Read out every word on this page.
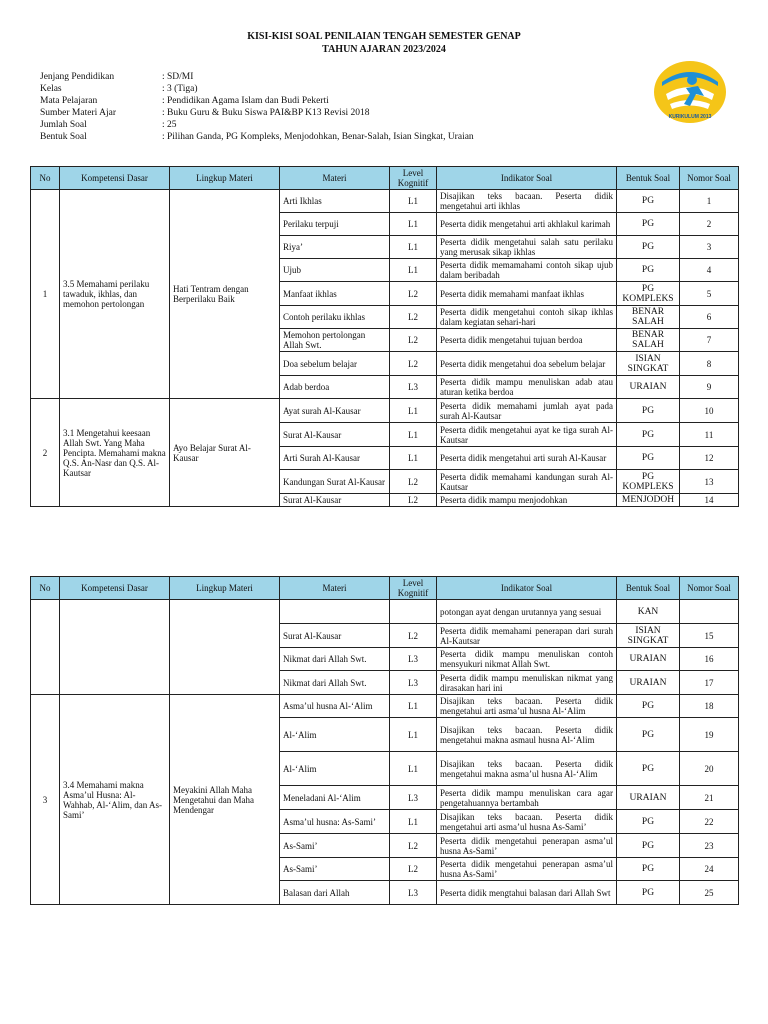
KISI-KISI SOAL PENILAIAN TENGAH SEMESTER GENAP
TAHUN AJARAN 2023/2024
Jenjang Pendidikan	: SD/MI
Kelas	: 3 (Tiga)
Mata Pelajaran	: Pendidikan Agama Islam dan Budi Pekerti
Sumber Materi Ajar	: Buku Guru & Buku Siswa PAI&BP K13 Revisi 2018
Jumlah Soal	: 25
Bentuk Soal	: Pilihan Ganda, PG Kompleks, Menjodohkan, Benar-Salah, Isian Singkat, Uraian
KURIKULUM 2013
No	Kompetensi Dasar	Lingkup Materi	Materi	Level Kognitif	Indikator Soal	Bentuk Soal	Nomor Soal
1	3.5 Memahami perilaku tawaduk, ikhlas, dan memohon pertolongan	Hati Tentram dengan Berperilaku Baik	Arti Ikhlas	L1	Disajikan teks bacaan. Peserta didik mengetahui arti ikhlas	PG	1
			Perilaku terpuji	L1	Peserta didik mengetahui arti akhlakul karimah	PG	2
			Riya’	L1	Peserta didik mengetahui salah satu perilaku yang merusak sikap ikhlas	PG	3
			Ujub	L1	Peserta didik memamahami contoh sikap ujub dalam beribadah	PG	4
			Manfaat ikhlas	L2	Peserta didik memahami manfaat ikhlas	PG KOMPLEKS	5
			Contoh perilaku ikhlas	L2	Peserta didik mengetahui contoh sikap ikhlas dalam kegiatan sehari-hari	BENAR SALAH	6
			Memohon pertolongan Allah Swt.	L2	Peserta didik mengetahui tujuan berdoa	BENAR SALAH	7
			Doa sebelum belajar	L2	Peserta didik mengetahui doa sebelum belajar	ISIAN SINGKAT	8
			Adab berdoa	L3	Peserta didik mampu menuliskan adab atau aturan ketika berdoa	URAIAN	9
2	3.1 Mengetahui keesaan Allah Swt. Yang Maha Pencipta. Memahami makna Q.S. An-Nasr dan Q.S. Al-Kautsar	Ayo Belajar Surat Al-Kausar	Ayat surah Al-Kausar	L1	Peserta didik memahami jumlah ayat pada surah Al-Kautsar	PG	10
			Surat Al-Kausar	L1	Peserta didik mengetahui ayat ke tiga surah Al-Kautsar	PG	11
			Arti Surah Al-Kausar	L1	Peserta didik mengetahui arti surah Al-Kausar	PG	12
			Kandungan Surat Al-Kausar	L2	Peserta didik memahami kandungan surah Al-Kautsar	PG KOMPLEKS	13
			Surat Al-Kausar	L2	Peserta didik mampu menjodohkan	MENJODOH	14
No	Kompetensi Dasar	Lingkup Materi	Materi	Level Kognitif	Indikator Soal	Bentuk Soal	Nomor Soal
					potongan ayat dengan urutannya yang sesuai	KAN	
			Surat Al-Kausar	L2	Peserta didik memahami penerapan dari surah Al-Kautsar	ISIAN SINGKAT	15
			Nikmat dari Allah Swt.	L3	Peserta didik mampu menuliskan contoh mensyukuri nikmat Allah Swt.	URAIAN	16
			Nikmat dari Allah Swt.	L3	Peserta didik mampu menuliskan nikmat yang dirasakan hari ini	URAIAN	17
3	3.4 Memahami makna Asma’ul Husna: Al-Wahhab, Al-‘Alim, dan As-Sami’	Meyakini Allah Maha Mengetahui dan Maha Mendengar	Asma’ul husna Al-‘Alim	L1	Disajikan teks bacaan. Peserta didik mengetahui arti asma’ul husna Al-‘Alim	PG	18
			Al-‘Alim	L1	Disajikan teks bacaan. Peserta didik mengetahui makna asmaul husna Al-‘Alim	PG	19
			Al-‘Alim	L1	Disajikan teks bacaan. Peserta didik mengetahui makna asma’ul husna Al-‘Alim	PG	20
			Meneladani Al-‘Alim	L3	Peserta didik mampu menuliskan cara agar pengetahuannya bertambah	URAIAN	21
			Asma’ul husna: As-Sami’	L1	Disajikan teks bacaan. Peserta didik mengetahui arti asma’ul husna As-Sami’	PG	22
			As-Sami’	L2	Peserta didik mengetahui penerapan asma’ul husna As-Sami’	PG	23
			As-Sami’	L2	Peserta didik mengetahui penerapan asma’ul husna As-Sami’	PG	24
			Balasan dari Allah	L3	Peserta didik mengtahui balasan dari Allah Swt	PG	25
